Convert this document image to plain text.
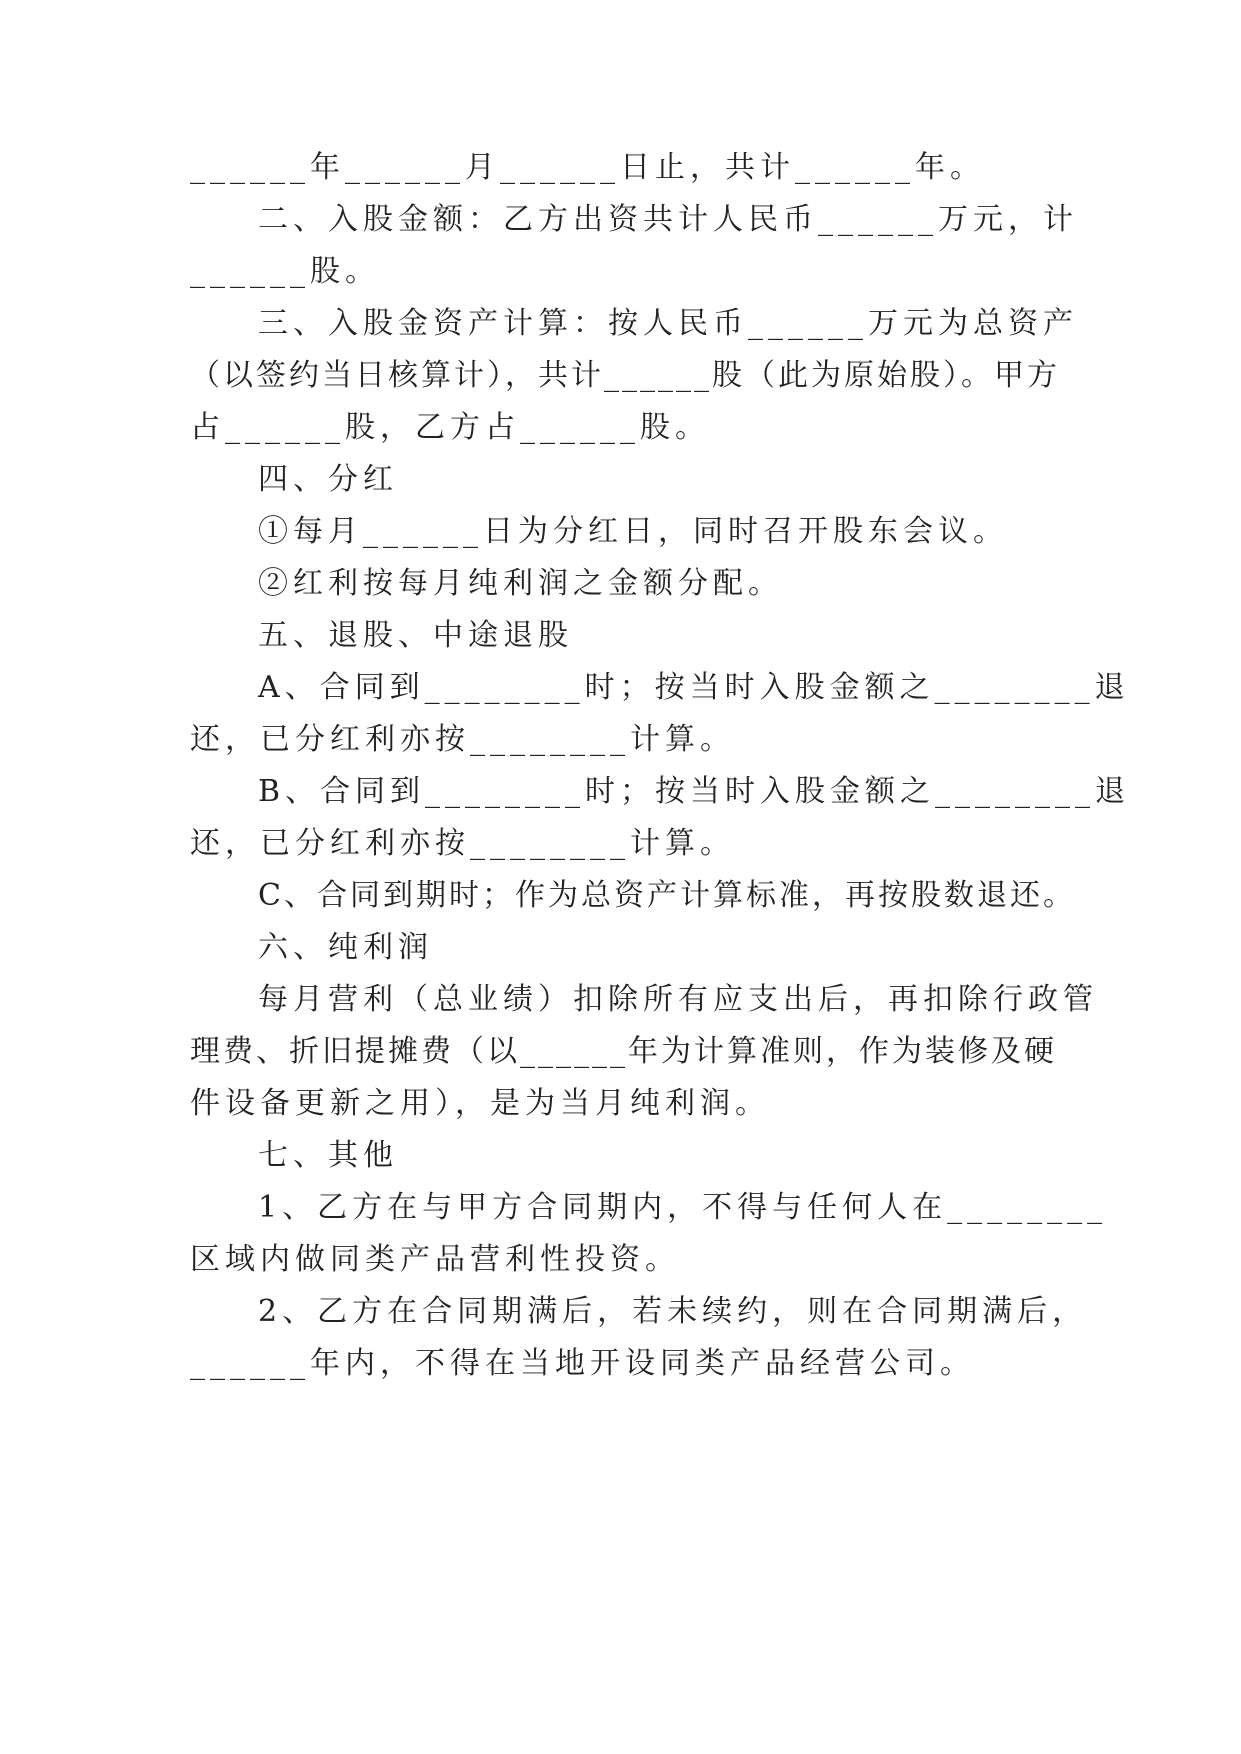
______年______月______日止，共计______年。

二、入股金额：乙方出资共计人民币______万元，计

______股。

三、入股金资产计算：按人民币______万元为总资产

（以签约当日核算计），共计______股（此为原始股）。甲方

占______股，乙方占______股。

四、分红

①每月______日为分红日，同时召开股东会议。

②红利按每月纯利润之金额分配。

五、退股、中途退股

A、合同到________时；按当时入股金额之________退

还，已分红利亦按________计算。

B、合同到________时；按当时入股金额之________退

还，已分红利亦按________计算。

C、合同到期时；作为总资产计算标准，再按股数退还。

六、纯利润

每月营利（总业绩）扣除所有应支出后，再扣除行政管

理费、折旧提摊费（以______年为计算准则，作为装修及硬

件设备更新之用），是为当月纯利润。

七、其他

1、乙方在与甲方合同期内，不得与任何人在________

区域内做同类产品营利性投资。

2、乙方在合同期满后，若未续约，则在合同期满后，

______年内，不得在当地开设同类产品经营公司。
